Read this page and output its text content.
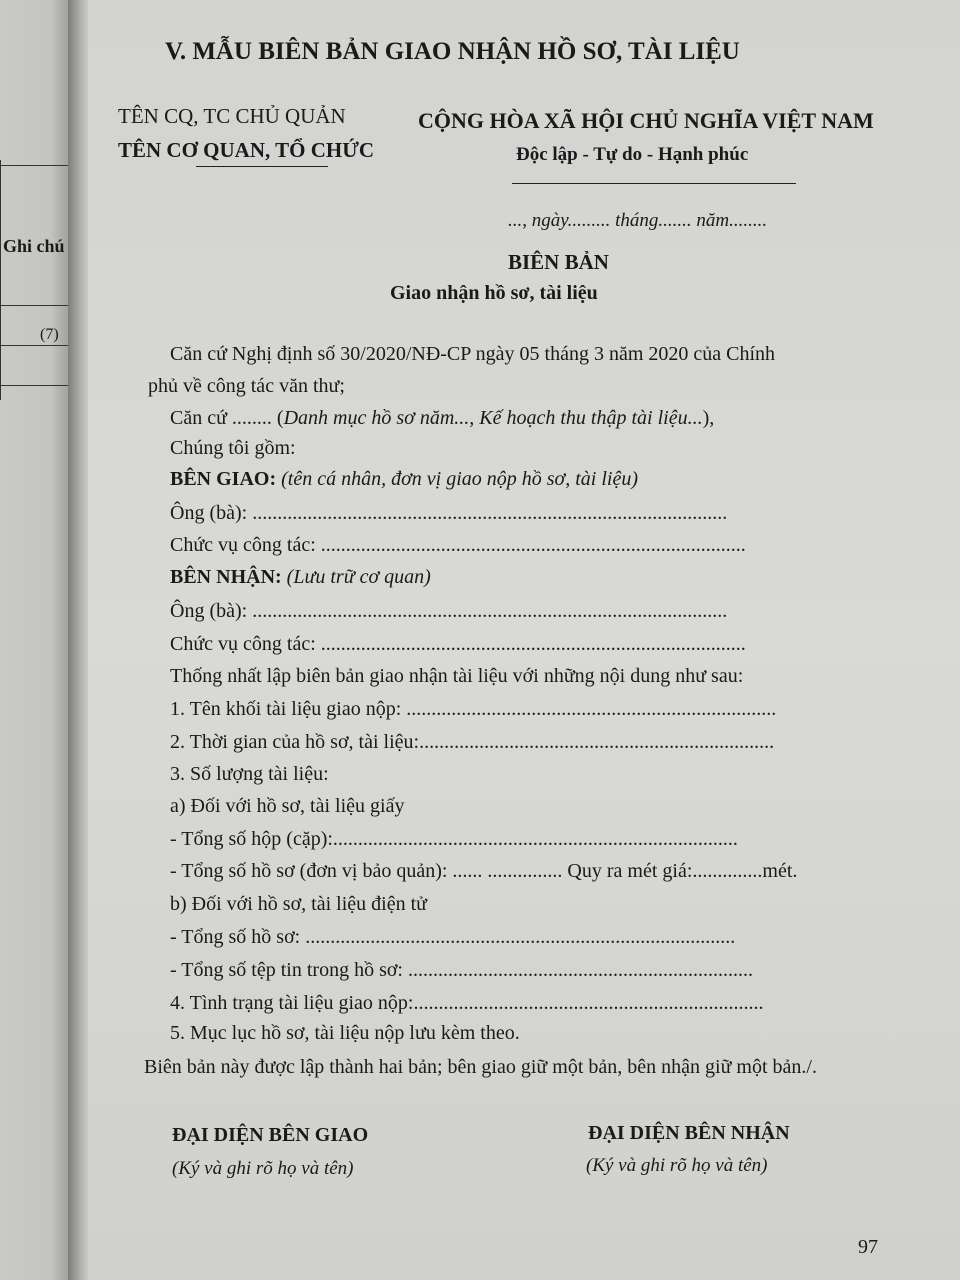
Ghi chú
(7)
V. MẪU BIÊN BẢN GIAO NHẬN HỒ SƠ, TÀI LIỆU
TÊN CQ, TC CHỦ QUẢN
TÊN CƠ QUAN, TỔ CHỨC
CỘNG HÒA XÃ HỘI CHỦ NGHĨA VIỆT NAM
Độc lập - Tự do - Hạnh phúc
..., ngày......... tháng....... năm........
BIÊN BẢN
Giao nhận hồ sơ, tài liệu
Căn cứ Nghị định số 30/2020/NĐ-CP ngày 05 tháng 3 năm 2020 của Chính
phủ về công tác văn thư;
Căn cứ ........ (Danh mục hồ sơ năm..., Kế hoạch thu thập tài liệu...),
Chúng tôi gồm:
BÊN GIAO: (tên cá nhân, đơn vị giao nộp hồ sơ, tài liệu)
Ông (bà): ...............................................................................................
Chức vụ công tác: .....................................................................................
BÊN NHẬN: (Lưu trữ cơ quan)
Ông (bà): ...............................................................................................
Chức vụ công tác: .....................................................................................
Thống nhất lập biên bản giao nhận tài liệu với những nội dung như sau:
1. Tên khối tài liệu giao nộp: ..........................................................................
2. Thời gian của hồ sơ, tài liệu:.......................................................................
3. Số lượng tài liệu:
a) Đối với hồ sơ, tài liệu giấy
- Tổng số hộp (cặp):.................................................................................
- Tổng số hồ sơ (đơn vị bảo quản): ...... ............... Quy ra mét giá:..............mét.
b) Đối với hồ sơ, tài liệu điện tử
- Tổng số hồ sơ: ......................................................................................
- Tổng số tệp tin trong hồ sơ: .....................................................................
4. Tình trạng tài liệu giao nộp:......................................................................
5. Mục lục hồ sơ, tài liệu nộp lưu kèm theo.
Biên bản này được lập thành hai bản; bên giao giữ một bản, bên nhận giữ một bản./.
ĐẠI DIỆN BÊN GIAO
(Ký và ghi rõ họ và tên)
ĐẠI DIỆN BÊN NHẬN
(Ký và ghi rõ họ và tên)
97
